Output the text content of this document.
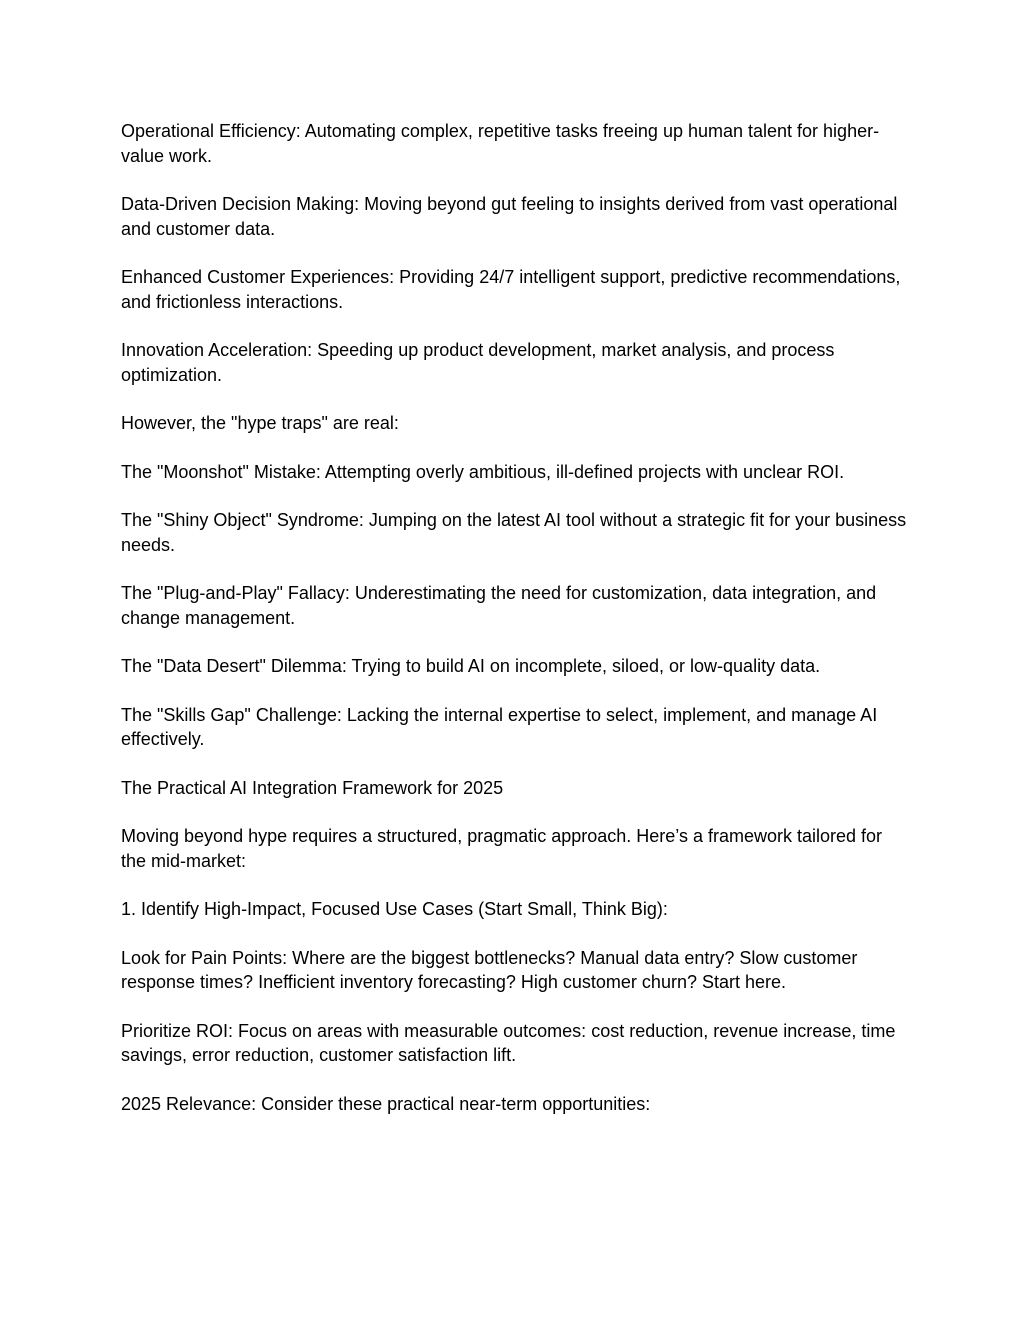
Operational Efficiency: Automating complex, repetitive tasks freeing up human talent for higher-value work.

Data-Driven Decision Making: Moving beyond gut feeling to insights derived from vast operational and customer data.

Enhanced Customer Experiences: Providing 24/7 intelligent support, predictive recommendations, and frictionless interactions.

Innovation Acceleration: Speeding up product development, market analysis, and process optimization.

However, the "hype traps" are real:

The "Moonshot" Mistake: Attempting overly ambitious, ill-defined projects with unclear ROI.

The "Shiny Object" Syndrome: Jumping on the latest AI tool without a strategic fit for your business needs.

The "Plug-and-Play" Fallacy: Underestimating the need for customization, data integration, and change management.

The "Data Desert" Dilemma: Trying to build AI on incomplete, siloed, or low-quality data.

The "Skills Gap" Challenge: Lacking the internal expertise to select, implement, and manage AI effectively.

The Practical AI Integration Framework for 2025

Moving beyond hype requires a structured, pragmatic approach. Here’s a framework tailored for the mid-market:

1. Identify High-Impact, Focused Use Cases (Start Small, Think Big):

Look for Pain Points: Where are the biggest bottlenecks? Manual data entry? Slow customer response times? Inefficient inventory forecasting? High customer churn? Start here.

Prioritize ROI: Focus on areas with measurable outcomes: cost reduction, revenue increase, time savings, error reduction, customer satisfaction lift.

2025 Relevance: Consider these practical near-term opportunities:
